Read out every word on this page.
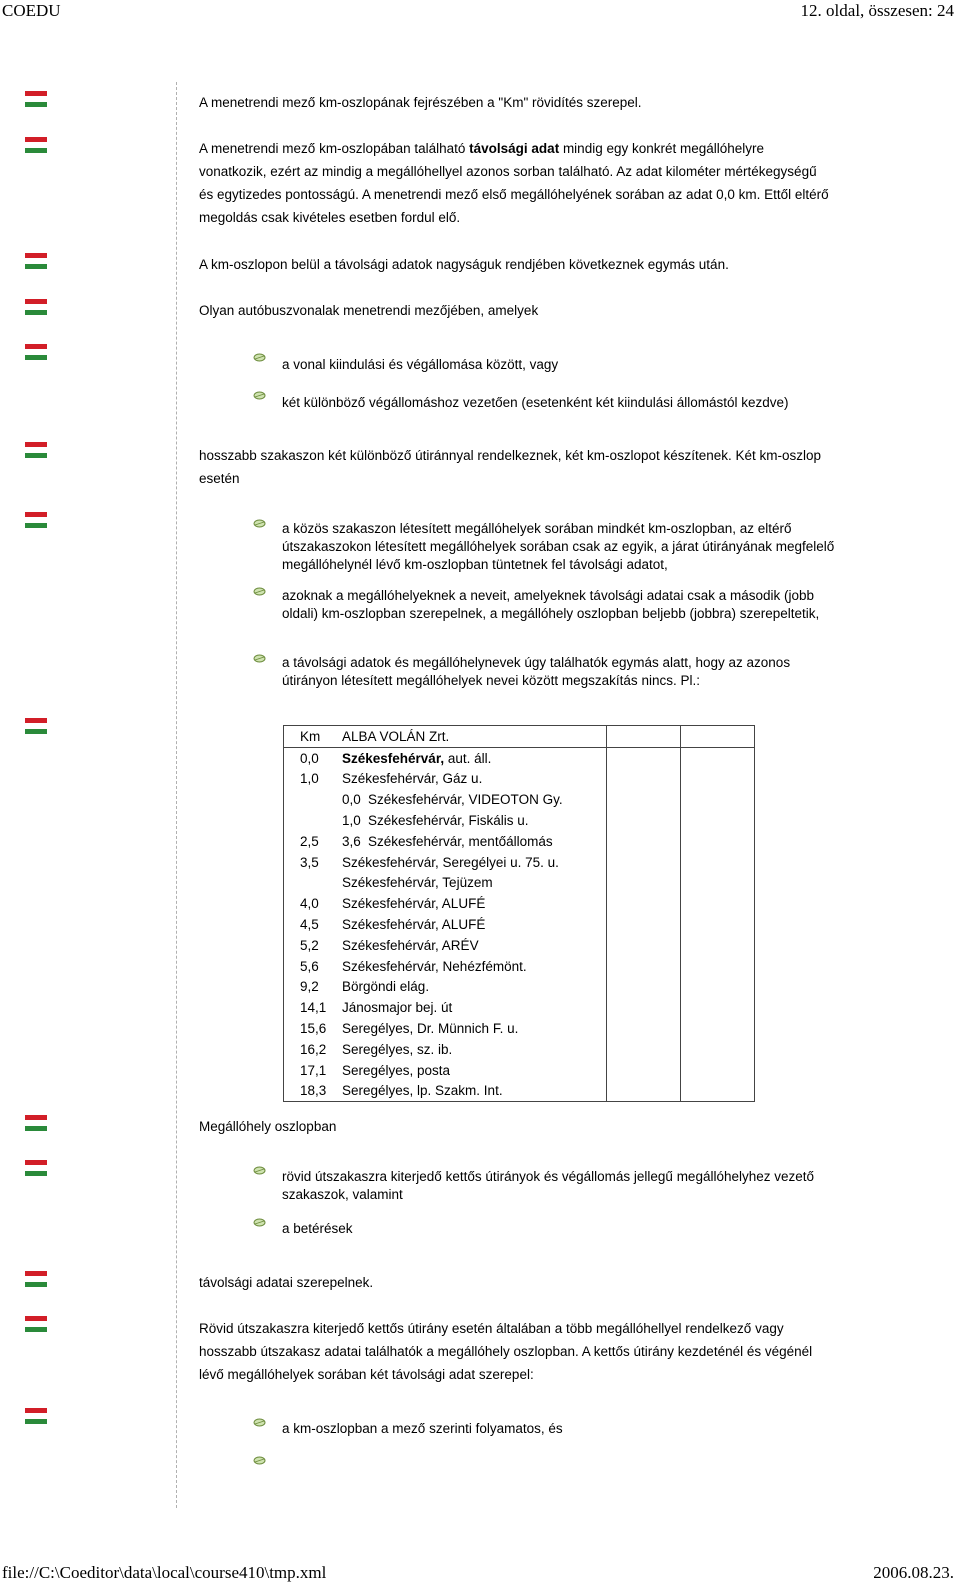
COEDU	12. oldal, összesen: 24
A menetrendi mező km-oszlopának fejrészében a "Km" rövidítés szerepel.
A menetrendi mező km-oszlopában található távolsági adat mindig egy konkrét megállóhelyre vonatkozik, ezért az mindig a megállóhellyel azonos sorban található. Az adat kilométer mértékegységű és egytizedes pontosságú. A menetrendi mező első megállóhelyének sorában az adat 0,0 km. Ettől eltérő megoldás csak kivételes esetben fordul elő.
A km-oszlopon belül a távolsági adatok nagyságuk rendjében következnek egymás után.
Olyan autóbuszvonalak menetrendi mezőjében, amelyek
a vonal kiindulási és végállomása között, vagy
két különböző végállomáshoz vezetően (esetenként két kiindulási állomástól kezdve)
hosszabb szakaszon két különböző útiránnyal rendelkeznek, két km-oszlopot készítenek. Két km-oszlop esetén
a közös szakaszon létesített megállóhelyek sorában mindkét km-oszlopban, az eltérő útszakaszokon létesített megállóhelyek sorában csak az egyik, a járat útirányának megfelelő megállóhelynél lévő km-oszlopban tüntetnek fel távolsági adatot,
azoknak a megállóhelyeknek a neveit, amelyeknek távolsági adatai csak a második (jobb oldali) km-oszlopban szerepelnek, a megállóhely oszlopban beljebb (jobbra) szerepeltetik,
a távolsági adatok és megállóhelynevek úgy találhatók egymás alatt, hogy az azonos útirányon létesített megállóhelyek nevei között megszakítás nincs. Pl.:
Km	ALBA VOLÁN Zrt.		
0,0	Székesfehérvár, aut. áll.		
1,0	Székesfehérvár, Gáz u.		
	0,0 Székesfehérvár, VIDEOTON Gy.		
	1,0 Székesfehérvár, Fiskális u.		
2,5	3,6 Székesfehérvár, mentőállomás		
3,5	Székesfehérvár, Seregélyei u. 75. u.		
	Székesfehérvár, Tejüzem		
4,0	Székesfehérvár, ALUFÉ		
4,5	Székesfehérvár, ALUFÉ		
5,2	Székesfehérvár, ARÉV		
5,6	Székesfehérvár, Nehézfémönt.		
9,2	Börgöndi elág.		
14,1	Jánosmajor bej. út		
15,6	Seregélyes, Dr. Münnich F. u.		
16,2	Seregélyes, sz. ib.		
17,1	Seregélyes, posta		
18,3	Seregélyes, lp. Szakm. Int.		
Megállóhely oszlopban
rövid útszakaszra kiterjedő kettős útirányok és végállomás jellegű megállóhelyhez vezető szakaszok, valamint
a betérések
távolsági adatai szerepelnek.
Rövid útszakaszra kiterjedő kettős útirány esetén általában a több megállóhellyel rendelkező vagy hosszabb útszakasz adatai találhatók a megállóhely oszlopban. A kettős útirány kezdeténél és végénél lévő megállóhelyek sorában két távolsági adat szerepel:
a km-oszlopban a mező szerinti folyamatos, és
file://C:\Coeditor\data\local\course410\tmp.xml	2006.08.23.
